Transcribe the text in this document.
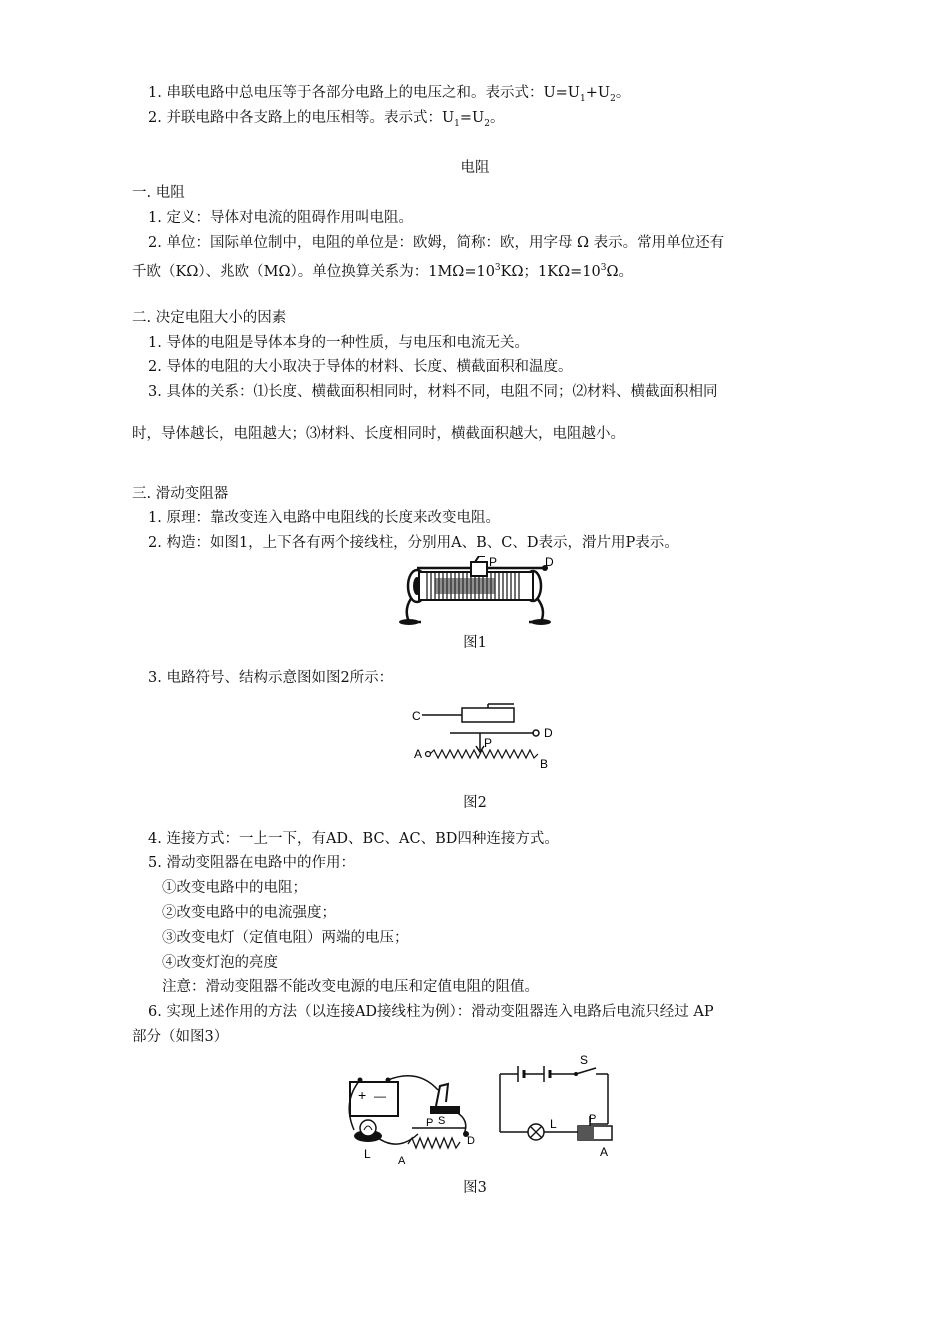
1. 串联电路中总电压等于各部分电路上的电压之和。表示式：$U=U_1+U_2$。
2. 并联电路中各支路上的电压相等。表示式：$U_1=U_2$。
电阻
一. 电阻
1. 定义：导体对电流的阻碍作用叫电阻。
2. 单位：国际单位制中，电阻的单位是：欧姆，简称：欧，用字母 Ω 表示。常用单位还有
千欧（KΩ）、兆欧（MΩ）。单位换算关系为：$1M\Omega=10^3K\Omega$；$1K\Omega=10^3\Omega$。
二. 决定电阻大小的因素
1. 导体的电阻是导体本身的一种性质，与电压和电流无关。
2. 导体的电阻的大小取决于导体的材料、长度、横截面积和温度。
3. 具体的关系：⑴长度、横截面积相同时，材料不同，电阻不同；⑵材料、横截面积相同
时，导体越长，电阻越大；⑶材料、长度相同时，横截面积越大，电阻越小。
三. 滑动变阻器
1. 原理：靠改变连入电路中电阻线的长度来改变电阻。
2. 构造：如图1，上下各有两个接线柱，分别用A、B、C、D表示，滑片用P表示。
P	D
图1
3. 电路符号、结构示意图如图2所示：
C
D
P
A
B
图2
4. 连接方式：一上一下，有AD、BC、AC、BD四种连接方式。
5. 滑动变阻器在电路中的作用：
①改变电路中的电阻；
②改变电路中的电流强度；
③改变电灯（定值电阻）两端的电压；
④改变灯泡的亮度
注意：滑动变阻器不能改变电源的电压和定值电阻的阻值。
6. 实现上述作用的方法（以连接AD接线柱为例）：滑动变阻器连入电路后电流只经过 AP
部分（如图3）
+ —
S
L
P
D
A
S
L	P
A
图3
